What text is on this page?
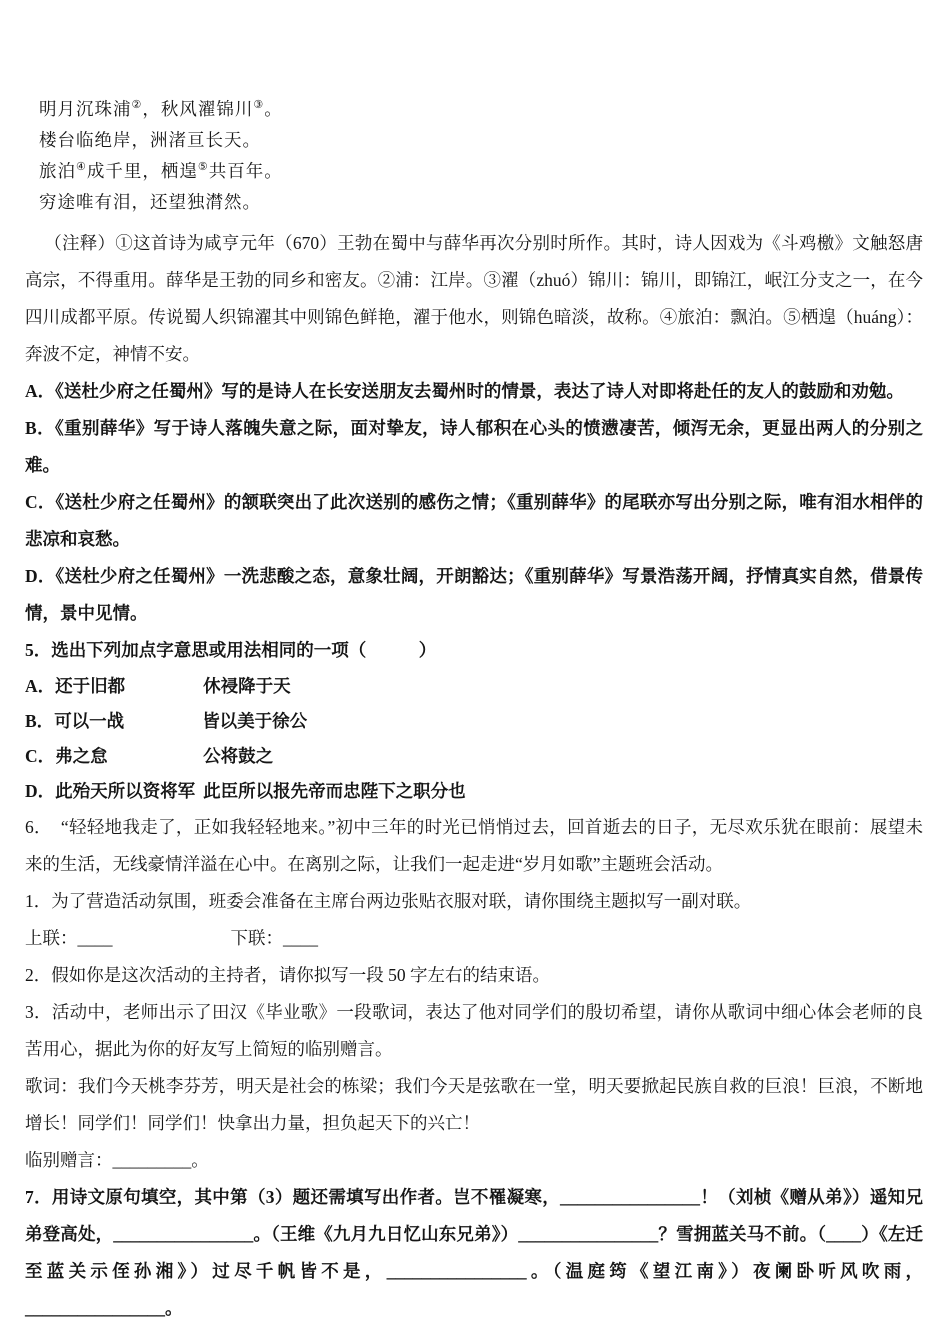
明月沉珠浦②，秋风濯锦川③。

楼台临绝岸，洲渚亘长天。

旅泊④成千里，栖遑⑤共百年。

穷途唯有泪，还望独潸然。

（注释）①这首诗为咸亨元年（670）王勃在蜀中与薛华再次分别时所作。其时，诗人因戏为《斗鸡檄》文触怒唐高宗，不得重用。薛华是王勃的同乡和密友。②浦：江岸。③濯（zhuó）锦川：锦川，即锦江，岷江分支之一，在今四川成都平原。传说蜀人织锦濯其中则锦色鲜艳，濯于他水，则锦色暗淡，故称。④旅泊：飘泊。⑤栖遑（huáng）：奔波不定，神情不安。

A．《送杜少府之任蜀州》写的是诗人在长安送朋友去蜀州时的情景，表达了诗人对即将赴任的友人的鼓励和劝勉。

B．《重别薛华》写于诗人落魄失意之际，面对挚友，诗人郁积在心头的愤懑凄苦，倾泻无余，更显出两人的分别之难。

C．《送杜少府之任蜀州》的颔联突出了此次送别的感伤之情；《重别薛华》的尾联亦写出分别之际，唯有泪水相伴的悲凉和哀愁。

D．《送杜少府之任蜀州》一洗悲酸之态，意象壮阔，开朗豁达；《重别薛华》写景浩荡开阔，抒情真实自然，借景传情，景中见情。

5．选出下列加点字意思或用法相同的一项（　　　）

A．还于旧都	休祲降于天

B．可以一战	皆以美于徐公

C．弗之怠	公将鼓之

D．此殆天所以资将军 此臣所以报先帝而忠陛下之职分也

6．　“轻轻地我走了，正如我轻轻地来。”初中三年的时光已悄悄过去，回首逝去的日子，无尽欢乐犹在眼前：展望未来的生活，无线豪情洋溢在心中。在离别之际，让我们一起走进“岁月如歌”主题班会活动。

1．为了营造活动氛围，班委会准备在主席台两边张贴衣服对联，请你围绕主题拟写一副对联。

上联：____	下联：____

2．假如你是这次活动的主持者，请你拟写一段 50 字左右的结束语。

3．活动中，老师出示了田汉《毕业歌》一段歌词，表达了他对同学们的殷切希望，请你从歌词中细心体会老师的良苦用心，据此为你的好友写上简短的临别赠言。

歌词：我们今天桃李芬芳，明天是社会的栋梁；我们今天是弦歌在一堂，明天要掀起民族自救的巨浪！巨浪，不断地增长！同学们！同学们！快拿出力量，担负起天下的兴亡！

临别赠言：_________。

7．用诗文原句填空，其中第（3）题还需填写出作者。岂不罹凝寒，________________！（刘桢《赠从弟》）遥知兄弟登高处，________________。（王维《九月九日忆山东兄弟》）________________？雪拥蓝关马不前。（____）《左迁至蓝关示侄孙湘》）过尽千帆皆不是，________________。（温庭筠《望江南》）夜阑卧听风吹雨，________________。
